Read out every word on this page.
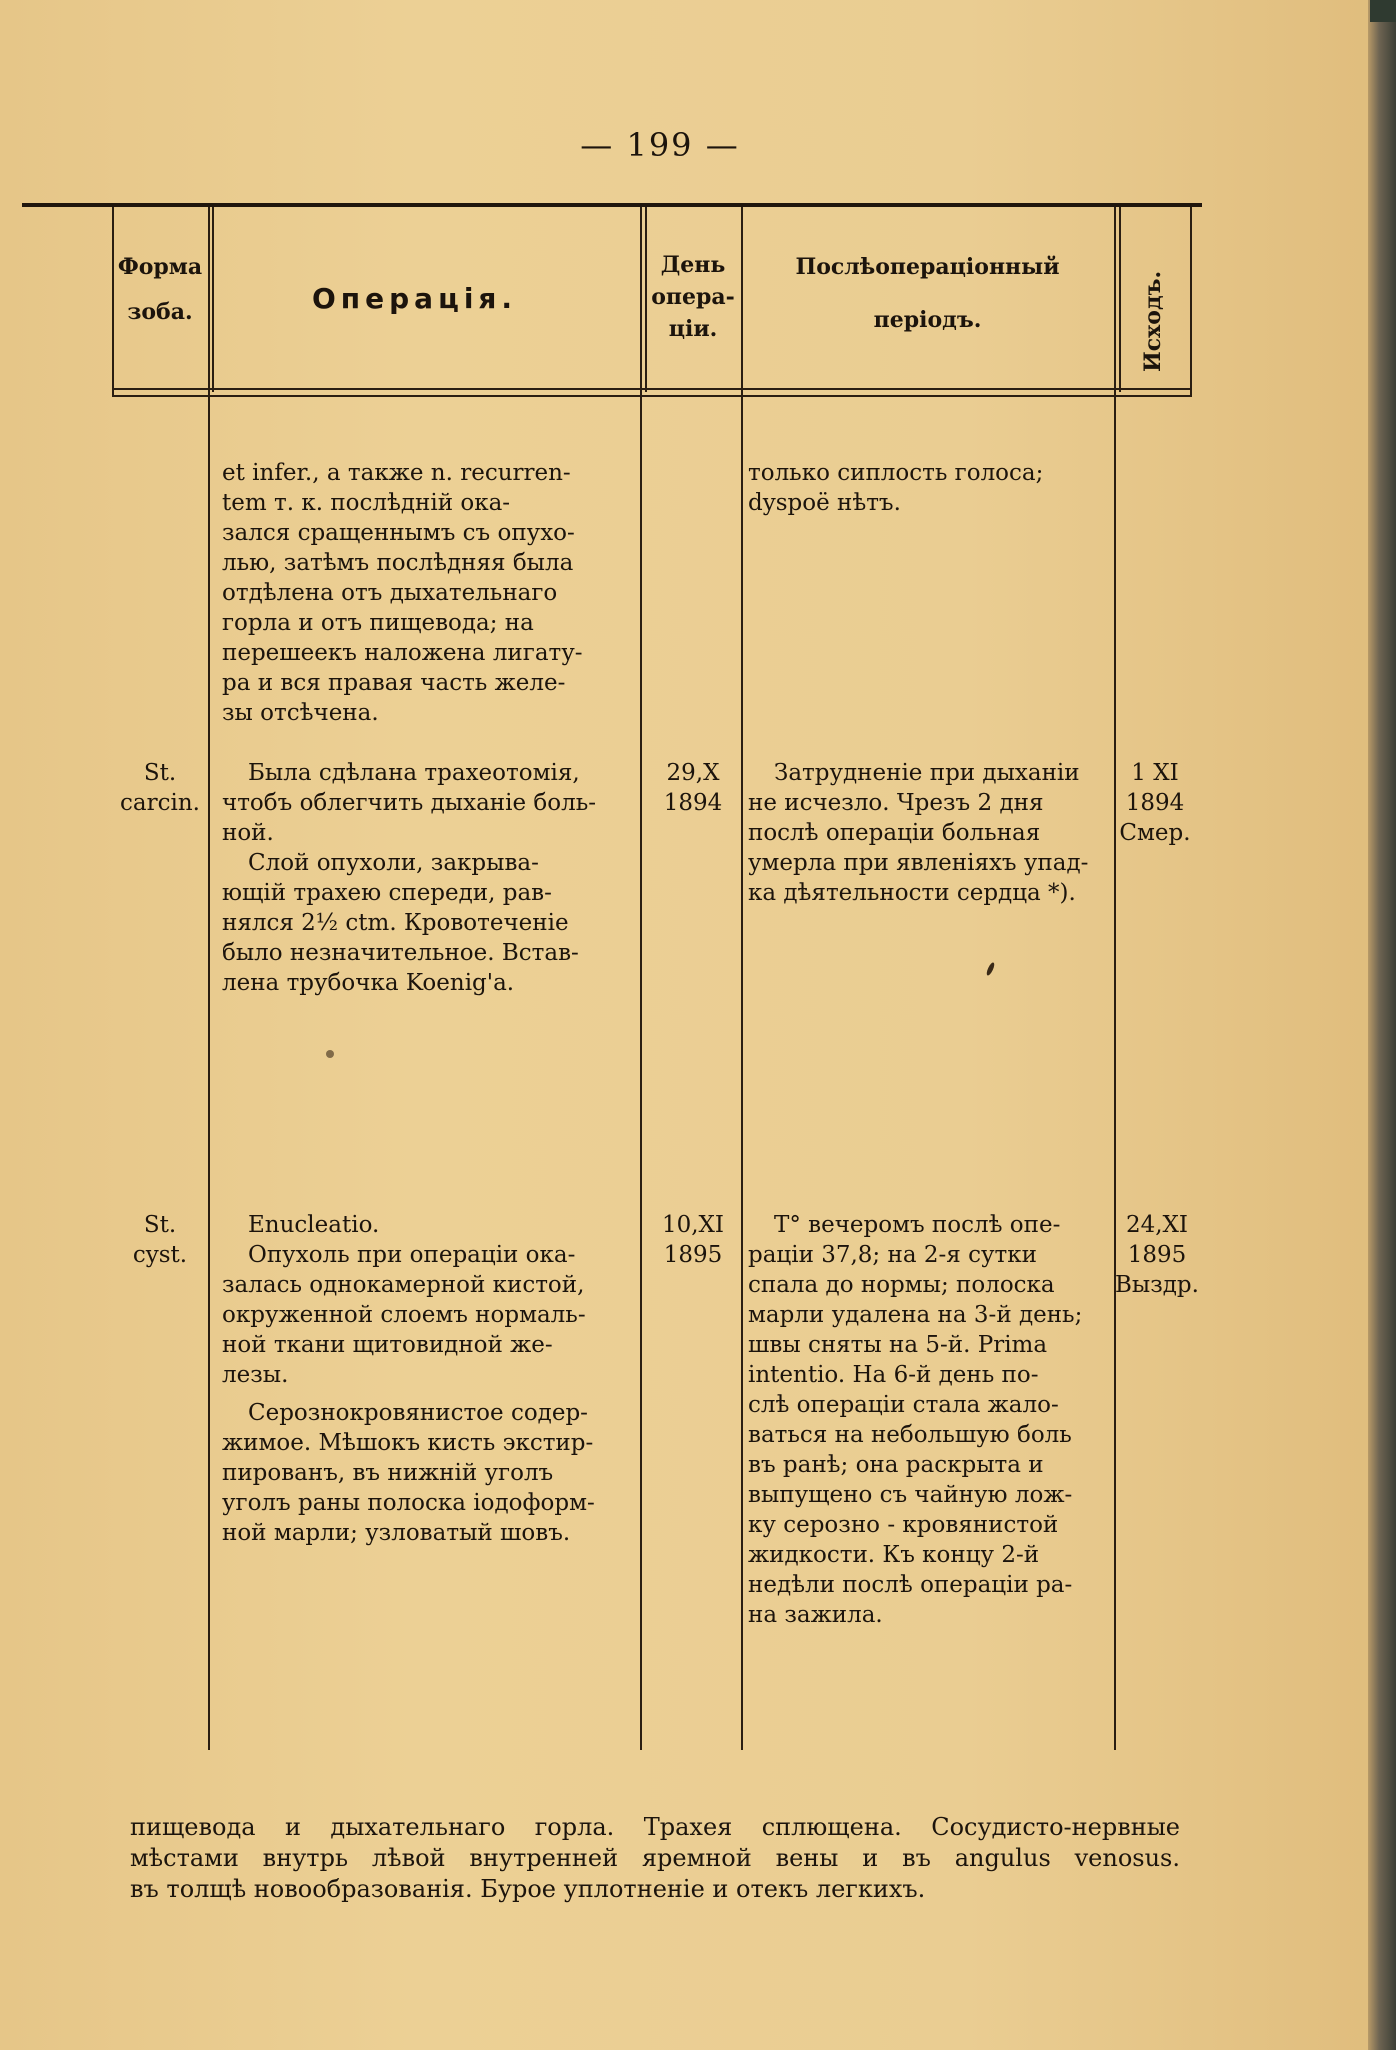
— 199 —
Форма
зоба.	Операція.
День
опера-
ціи.
Послѣоперацiонный
перiодъ.	Исходъ.

et infer., а также n. recurren-

tem т. к. послѣднiй ока-

зался сращеннымъ съ опухо-

лью, затѣмъ послѣдняя была

отдѣлена отъ дыхательнаго

горла и отъ пищевода; на

перешеекъ наложена лигату-

ра и вся правая часть желе-

зы отсѣчена.

только сиплость голоса;

dyspoё нѣтъ.

St.
carcin.

Была сдѣлана трахеотомiя,

чтобъ облегчить дыханiе боль-

ной.

Слой опухоли, закрыва-

ющiй трахею спереди, рав-

нялся 2½ ctm. Кровотеченiе

было незначительное. Встав-

лена трубочка Koenig'a.

29,X
1894

Затрудненiе при дыханiи

не исчезло. Чрезъ 2 дня

послѣ операцiи больная

умерла при явленiяхъ упад-

ка дѣятельности сердца *).

1 XI
1894
Смер.
St.
cyst.

Enucleatio.

Опухоль при операцiи ока-

залась однокамерной кистой,

окруженной слоемъ нормаль-

ной ткани щитовидной же-

лезы.

Серознокровянистое содер-

жимое. Мѣшокъ кисть экстир-

пированъ, въ нижнiй уголъ

уголъ раны полоска iодоформ-

ной марли; узловатый шовъ.

10,XI
1895

T° вечеромъ послѣ опе-

рацiи 37,8; на 2-я сутки

спала до нормы; полоска

марли удалена на 3-й день;

швы сняты на 5-й. Prima

intentio. На 6-й день по-

слѣ операцiи стала жало-

ваться на небольшую боль

въ ранѣ; она раскрыта и

выпущено съ чайную лож-

ку серозно - кровянистой

жидкости. Къ концу 2-й

недѣли послѣ операцiи ра-

на зажила.

24,XI
1895
Выздр.
пищевода и дыхательнаго горла. Трахея сплющена. Сосудисто-нервные
мѣстами внутрь лѣвой внутренней яремной вены и въ angulus venosus.
въ толщѣ новообразованiя. Бурое уплотненiе и отекъ легкихъ.
